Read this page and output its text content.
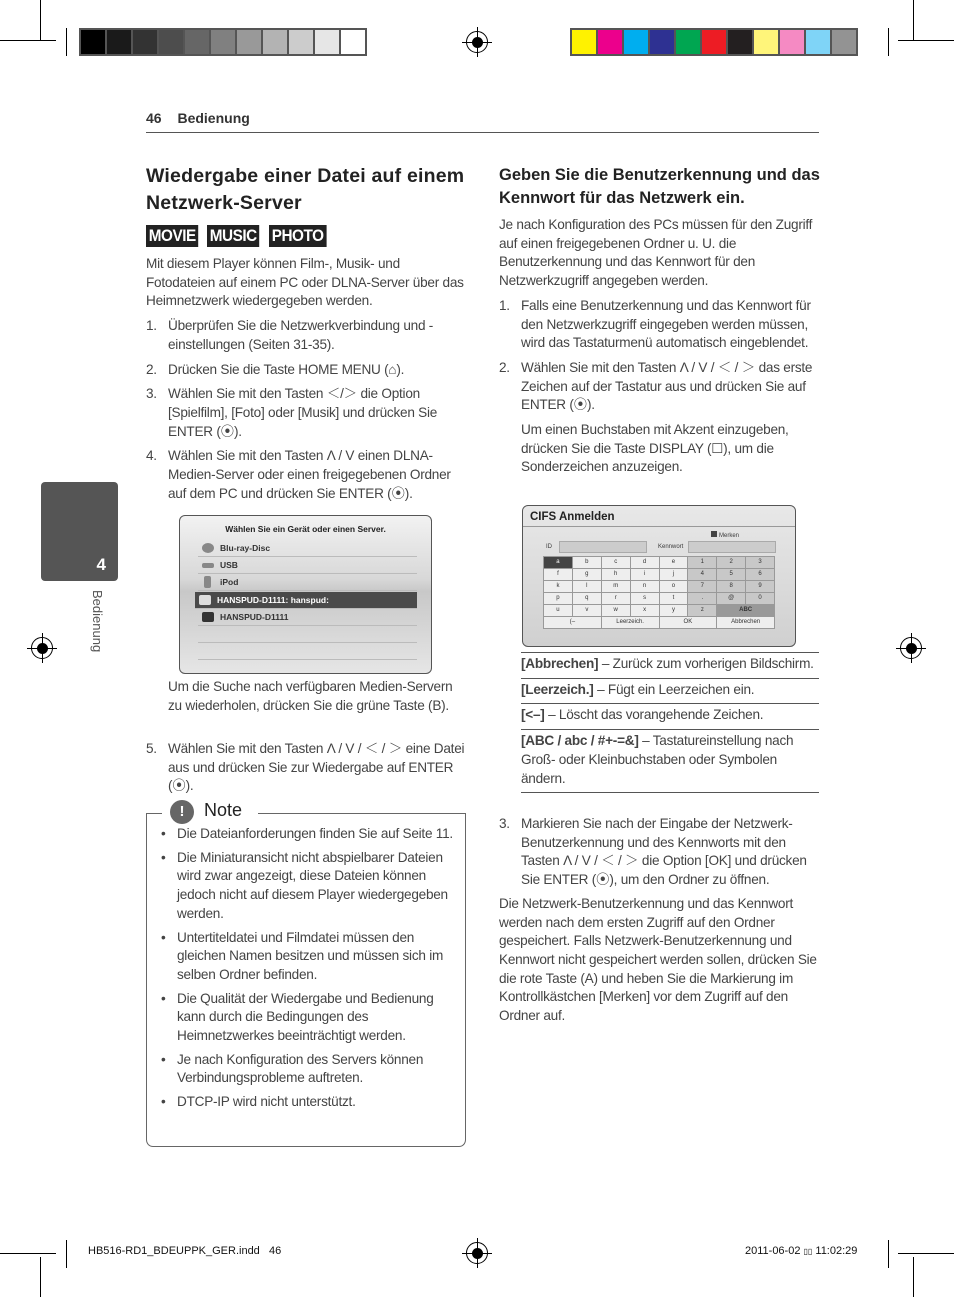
46 Bedienung
4
Bedienung
Wiedergabe einer Datei auf einem Netzwerk-Server
MOVIE MUSIC PHOTO

Mit diesem Player können Film-, Musik- und Fotodateien auf einem PC oder DLNA-Server über das Heimnetzwerk wiedergegeben werden.

1. Überprüfen Sie die Netzwerkverbindung und -einstellungen (Seiten 31-35).
2. Drücken Sie die Taste HOME MENU (⌂).
3. Wählen Sie mit den Tasten ＜/＞ die Option [Spielfilm], [Foto] oder [Musik] und drücken Sie ENTER (⦿).
4. Wählen Sie mit den Tasten Λ / V einen DLNA-Medien-Server oder einen freigegebenen Ordner auf dem PC und drücken Sie ENTER (⦿).
Wählen Sie ein Gerät oder einen Server.
Blu-ray-Disc
USB
iPod
HANSPUD-D1111: hanspud:
HANSPUD-D1111
Um die Suche nach verfügbaren Medien-Servern zu wiederholen, drücken Sie die grüne Taste (B).
5. Wählen Sie mit den Tasten Λ / V / ＜ / ＞ eine Datei aus und drücken Sie zur Wiedergabe auf ENTER (⦿).
!	Note
• Die Dateianforderungen finden Sie auf Seite 11.
• Die Miniaturansicht nicht abspielbarer Dateien wird zwar angezeigt, diese Dateien können jedoch nicht auf diesem Player wiedergegeben werden.
• Untertiteldatei und Filmdatei müssen den gleichen Namen besitzen und müssen sich im selben Ordner befinden.
• Die Qualität der Wiedergabe und Bedienung kann durch die Bedingungen des Heimnetzwerkes beeinträchtigt werden.
• Je nach Konfiguration des Servers können Verbindungsprobleme auftreten.
• DTCP-IP wird nicht unterstützt.
Geben Sie die Benutzerkennung und das Kennwort für das Netzwerk ein.

Je nach Konfiguration des PCs müssen für den Zugriff auf einen freigegebenen Ordner u. U. die Benutzerkennung und das Kennwort für den Netzwerkzugriff angegeben werden.

1. Falls eine Benutzerkennung und das Kennwort für den Netzwerkzugriff eingegeben werden müssen, wird das Tastaturmenü automatisch eingeblendet.
2. Wählen Sie mit den Tasten Λ / V / ＜ / ＞ das erste Zeichen auf der Tastatur aus und drücken Sie auf ENTER (⦿).

Um einen Buchstaben mit Akzent einzugeben, drücken Sie die Taste DISPLAY (☐), um die Sonderzeichen anzuzeigen.

CIFS Anmelden
Merken
ID	Kennwort
a	b	c	d	e	1	2	3
f	g	h	i	j	4	5	6
k	l	m	n	o	7	8	9
p	q	r	s	t	.	@	0
u	v	w	x	y	z	ABC
(–	Leerzeich.	OK	Abbrechen
[Abbrechen] – Zurück zum vorherigen Bildschirm.
[Leerzeich.] – Fügt ein Leerzeichen ein.
[<–] – Löscht das vorangehende Zeichen.
[ABC / abc / #+-=&] – Tastatureinstellung nach Groß- oder Kleinbuchstaben oder Symbolen ändern.
3. Markieren Sie nach der Eingabe der Netzwerk-Benutzerkennung und des Kennworts mit den Tasten Λ / V / ＜ / ＞ die Option [OK] und drücken Sie ENTER (⦿), um den Ordner zu öffnen.

Die Netzwerk-Benutzerkennung und das Kennwort werden nach dem ersten Zugriff auf den Ordner gespeichert. Falls Netzwerk-Benutzerkennung und Kennwort nicht gespeichert werden sollen, drücken Sie die rote Taste (A) und heben Sie die Markierung im Kontrollkästchen [Merken] vor dem Zugriff auf den Ordner auf.

HB516-RD1_BDEUPPK_GER.indd   46	2011-06-02 ▯▯ 11:02:29
